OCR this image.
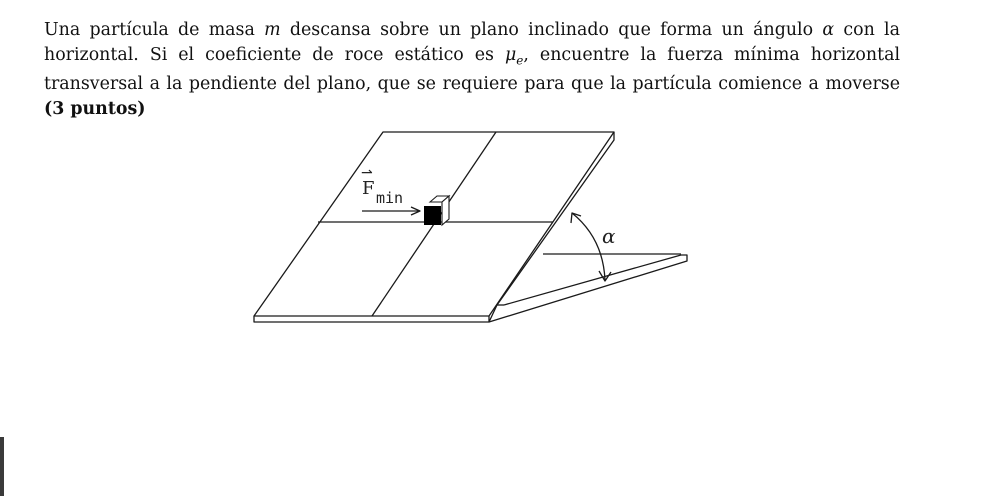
Una partícula de masa m descansa sobre un plano inclinado que forma un ángulo α con la horizontal. Si el coeficiente de roce estático es $\mu_e$, encuentre la fuerza mínima horizontal transversal a la pendiente del plano, que se requiere para que la partícula comience a moverse (3 puntos)

F
⇀
min
α
